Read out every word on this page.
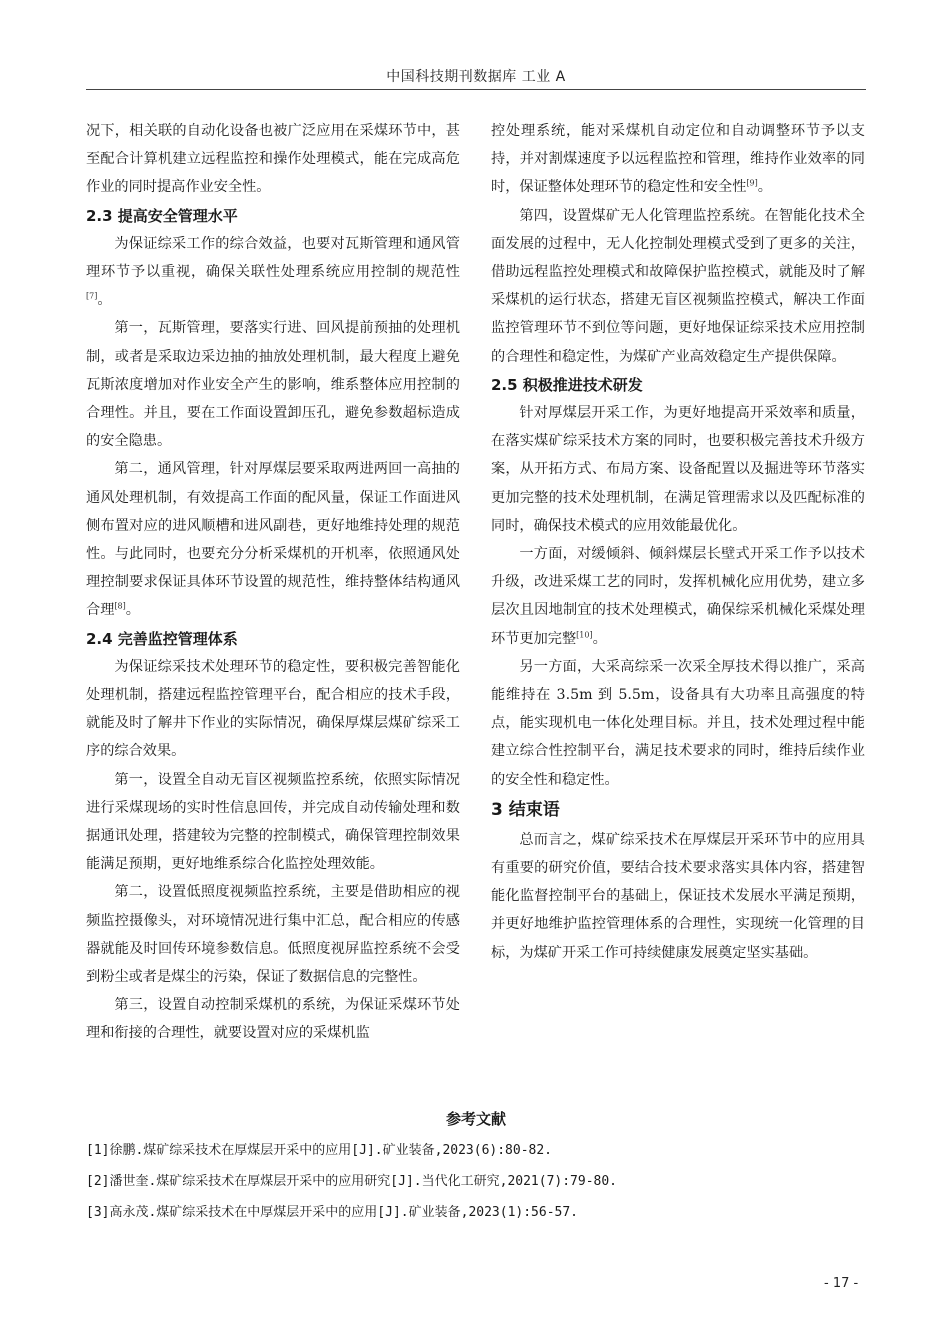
中国科技期刊数据库 工业 A

况下，相关联的自动化设备也被广泛应用在采煤环节中，甚至配合计算机建立远程监控和操作处理模式，能在完成高危作业的同时提高作业安全性。

2.3 提高安全管理水平

为保证综采工作的综合效益，也要对瓦斯管理和通风管理环节予以重视，确保关联性处理系统应用控制的规范性[7]。

第一，瓦斯管理，要落实行进、回风提前预抽的处理机制，或者是采取边采边抽的抽放处理机制，最大程度上避免瓦斯浓度增加对作业安全产生的影响，维系整体应用控制的合理性。并且，要在工作面设置卸压孔，避免参数超标造成的安全隐患。

第二，通风管理，针对厚煤层要采取两进两回一高抽的通风处理机制，有效提高工作面的配风量，保证工作面进风侧布置对应的进风顺槽和进风副巷，更好地维持处理的规范性。与此同时，也要充分分析采煤机的开机率，依照通风处理控制要求保证具体环节设置的规范性，维持整体结构通风合理[8]。

2.4 完善监控管理体系

为保证综采技术处理环节的稳定性，要积极完善智能化处理机制，搭建远程监控管理平台，配合相应的技术手段，就能及时了解井下作业的实际情况，确保厚煤层煤矿综采工序的综合效果。

第一，设置全自动无盲区视频监控系统，依照实际情况进行采煤现场的实时性信息回传，并完成自动传输处理和数据通讯处理，搭建较为完整的控制模式，确保管理控制效果能满足预期，更好地维系综合化监控处理效能。

第二，设置低照度视频监控系统，主要是借助相应的视频监控摄像头，对环境情况进行集中汇总，配合相应的传感器就能及时回传环境参数信息。低照度视屏监控系统不会受到粉尘或者是煤尘的污染，保证了数据信息的完整性。

第三，设置自动控制采煤机的系统，为保证采煤环节处理和衔接的合理性，就要设置对应的采煤机监

控处理系统，能对采煤机自动定位和自动调整环节予以支持，并对割煤速度予以远程监控和管理，维持作业效率的同时，保证整体处理环节的稳定性和安全性[9]。

第四，设置煤矿无人化管理监控系统。在智能化技术全面发展的过程中，无人化控制处理模式受到了更多的关注，借助远程监控处理模式和故障保护监控模式，就能及时了解采煤机的运行状态，搭建无盲区视频监控模式，解决工作面监控管理环节不到位等问题，更好地保证综采技术应用控制的合理性和稳定性，为煤矿产业高效稳定生产提供保障。

2.5 积极推进技术研发

针对厚煤层开采工作，为更好地提高开采效率和质量，在落实煤矿综采技术方案的同时，也要积极完善技术升级方案，从开拓方式、布局方案、设备配置以及掘进等环节落实更加完整的技术处理机制，在满足管理需求以及匹配标准的同时，确保技术模式的应用效能最优化。

一方面，对缓倾斜、倾斜煤层长壁式开采工作予以技术升级，改进采煤工艺的同时，发挥机械化应用优势，建立多层次且因地制宜的技术处理模式，确保综采机械化采煤处理环节更加完整[10]。

另一方面，大采高综采一次采全厚技术得以推广，采高能维持在 3.5m 到 5.5m，设备具有大功率且高强度的特点，能实现机电一体化处理目标。并且，技术处理过程中能建立综合性控制平台，满足技术要求的同时，维持后续作业的安全性和稳定性。

3 结束语

总而言之，煤矿综采技术在厚煤层开采环节中的应用具有重要的研究价值，要结合技术要求落实具体内容，搭建智能化监督控制平台的基础上，保证技术发展水平满足预期，并更好地维护监控管理体系的合理性，实现统一化管理的目标，为煤矿开采工作可持续健康发展奠定坚实基础。

参考文献
[1]徐鹏.煤矿综采技术在厚煤层开采中的应用[J].矿业装备,2023(6):80-82.
[2]潘世奎.煤矿综采技术在厚煤层开采中的应用研究[J].当代化工研究,2021(7):79-80.
[3]高永茂.煤矿综采技术在中厚煤层开采中的应用[J].矿业装备,2023(1):56-57.
- 17 -
